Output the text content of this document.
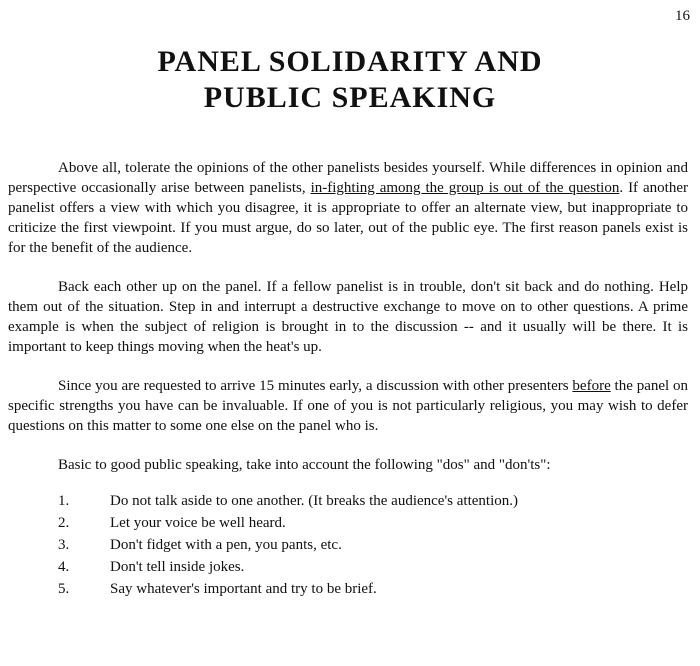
16
PANEL SOLIDARITY AND
PUBLIC SPEAKING

Above all, tolerate the opinions of the other panelists besides yourself. While differences in opinion and perspective occasionally arise between panelists, in-fighting among the group is out of the question. If another panelist offers a view with which you disagree, it is appropriate to offer an alternate view, but inappropriate to criticize the first viewpoint. If you must argue, do so later, out of the public eye. The first reason panels exist is for the benefit of the audience.

Back each other up on the panel. If a fellow panelist is in trouble, don't sit back and do nothing. Help them out of the situation. Step in and interrupt a destructive exchange to move on to other questions. A prime example is when the subject of religion is brought in to the discussion -- and it usually will be there. It is important to keep things moving when the heat's up.

Since you are requested to arrive 15 minutes early, a discussion with other presenters before the panel on specific strengths you have can be invaluable. If one of you is not particularly religious, you may wish to defer questions on this matter to some one else on the panel who is.

Basic to good public speaking, take into account the following "dos" and "don'ts":

1.	Do not talk aside to one another. (It breaks the audience's attention.)
2.	Let your voice be well heard.
3.	Don't fidget with a pen, you pants, etc.
4.	Don't tell inside jokes.
5.	Say whatever's important and try to be brief.
